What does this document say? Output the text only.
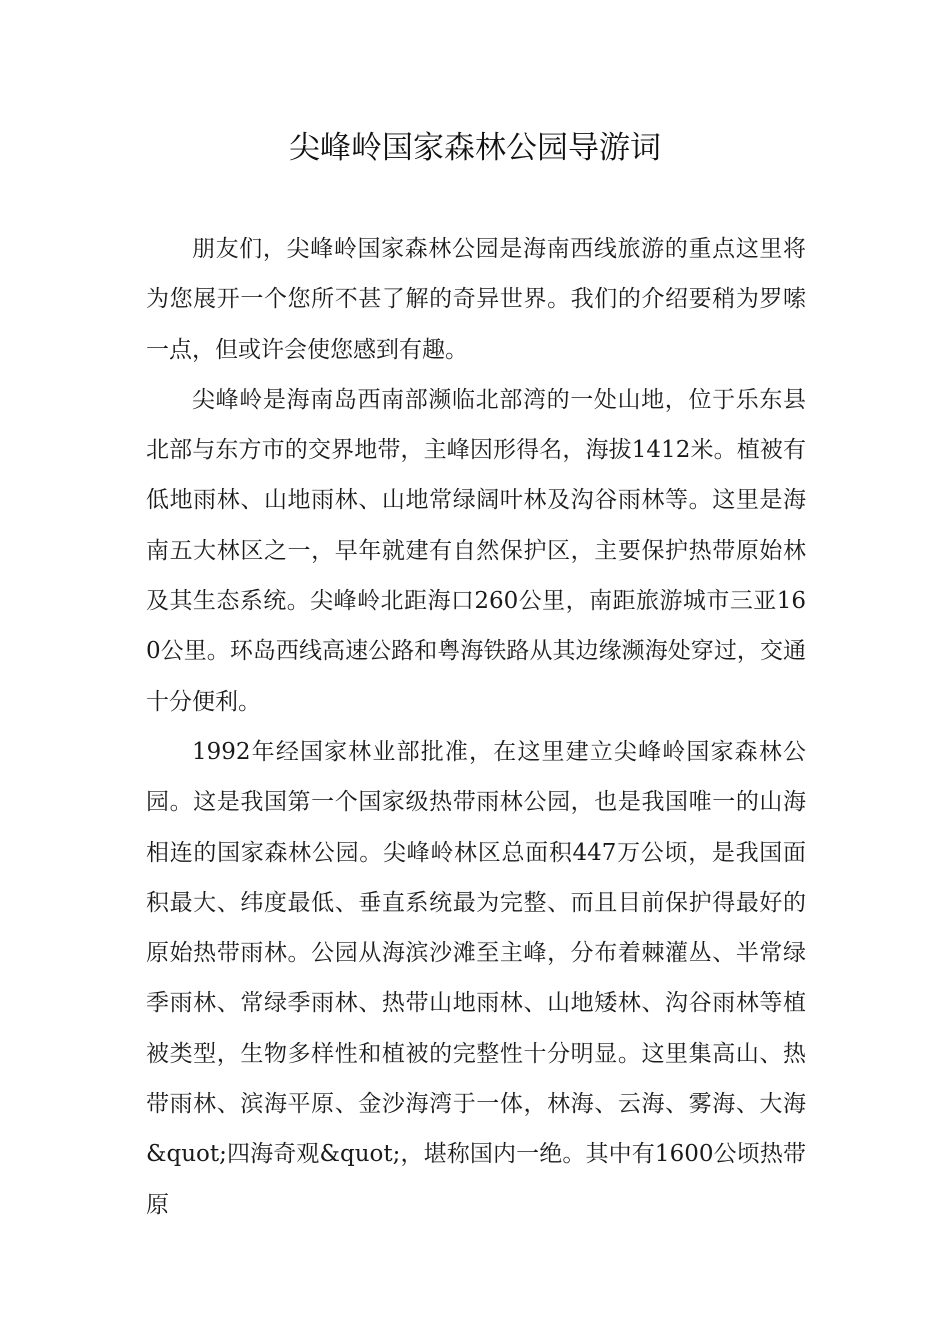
尖峰岭国家森林公园导游词

朋友们，尖峰岭国家森林公园是海南西线旅游的重点这里将为您展开一个您所不甚了解的奇异世界。我们的介绍要稍为罗嗦一点，但或许会使您感到有趣。

尖峰岭是海南岛西南部濒临北部湾的一处山地，位于乐东县北部与东方市的交界地带，主峰因形得名，海拔1412米。植被有低地雨林、山地雨林、山地常绿阔叶林及沟谷雨林等。这里是海南五大林区之一，早年就建有自然保护区，主要保护热带原始林及其生态系统。尖峰岭北距海口260公里，南距旅游城市三亚160公里。环岛西线高速公路和粤海铁路从其边缘濒海处穿过，交通十分便利。

1992年经国家林业部批准，在这里建立尖峰岭国家森林公园。这是我国第一个国家级热带雨林公园，也是我国唯一的山海相连的国家森林公园。尖峰岭林区总面积447万公顷，是我国面积最大、纬度最低、垂直系统最为完整、而且目前保护得最好的原始热带雨林。公园从海滨沙滩至主峰，分布着棘灌丛、半常绿季雨林、常绿季雨林、热带山地雨林、山地矮林、沟谷雨林等植被类型，生物多样性和植被的完整性十分明显。这里集高山、热带雨林、滨海平原、金沙海湾于一体，林海、云海、雾海、大海&quot;四海奇观&quot;，堪称国内一绝。其中有1600公顷热带原
